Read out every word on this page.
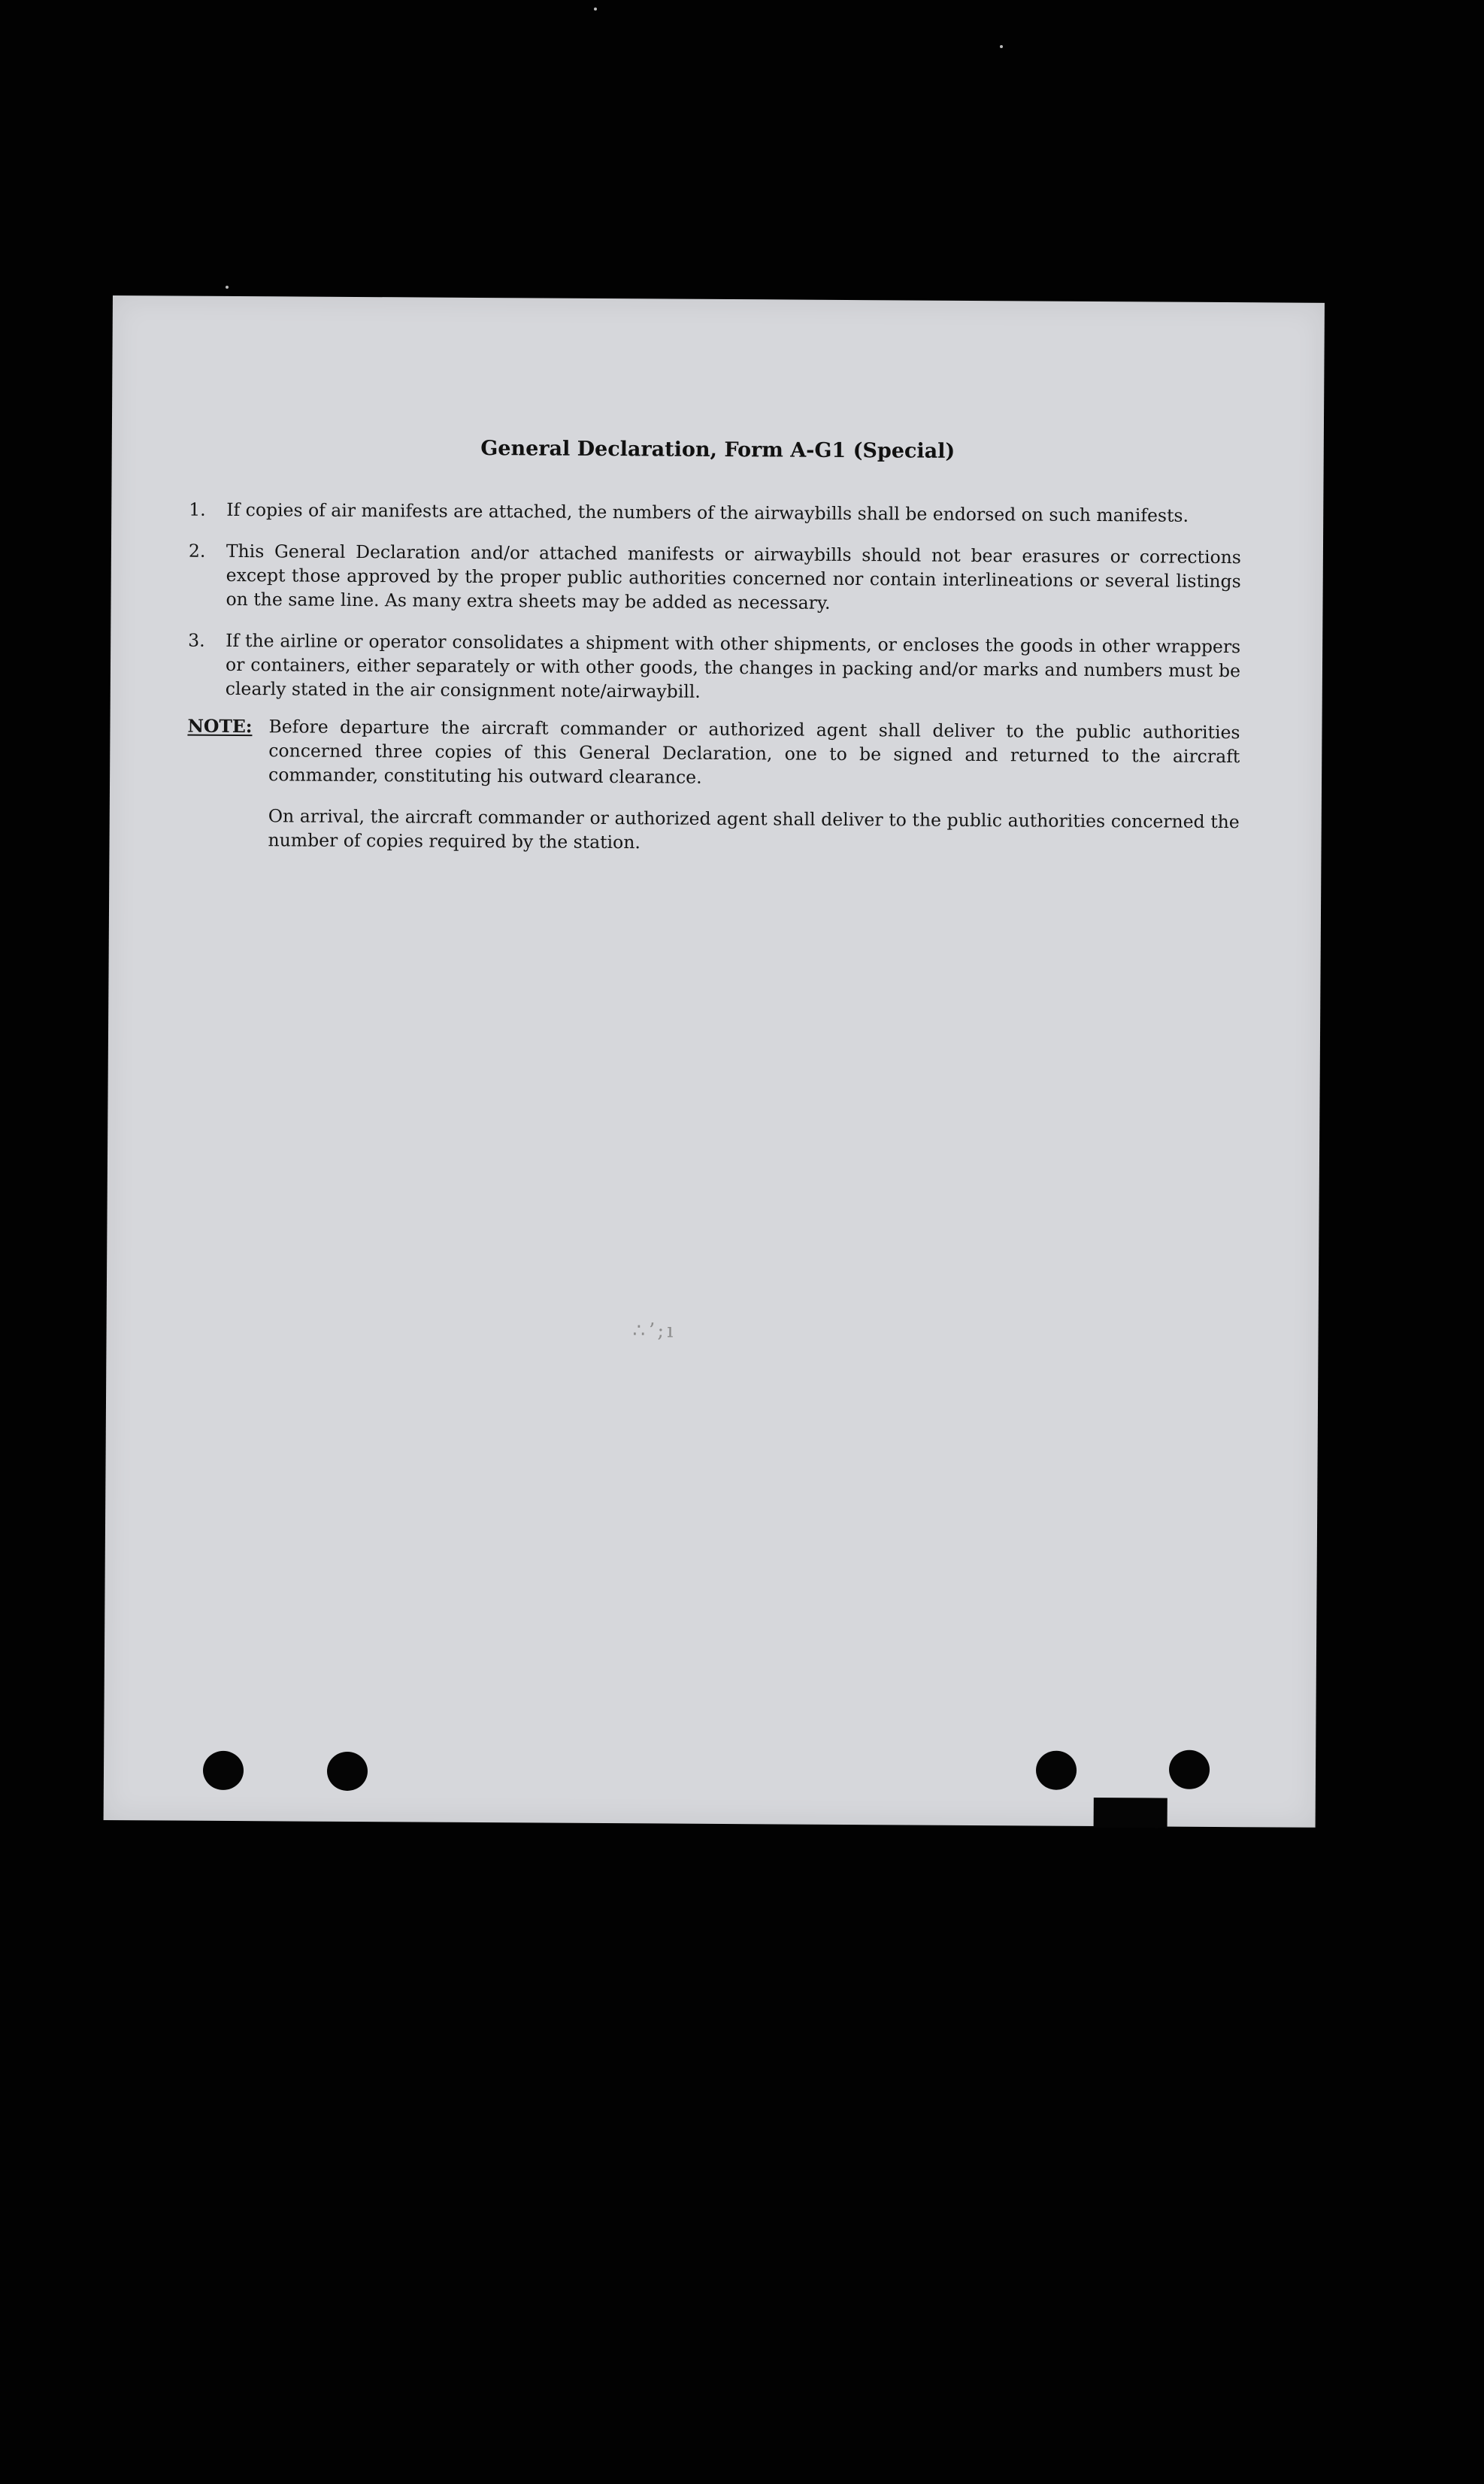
General Declaration, Form A-G1 (Special)
1.	If copies of air manifests are attached, the numbers of the airwaybills shall be endorsed on such manifests.
2.	This General Declaration and/or attached manifests or airwaybills should not bear erasures or corrections except those approved by the proper public authorities concerned nor contain interlineations or several listings on the same line. As many extra sheets may be added as necessary.
3.	If the airline or operator consolidates a shipment with other shipments, or encloses the goods in other wrappers or containers, either separately or with other goods, the changes in packing and/or marks and numbers must be clearly stated in the air consignment note/airwaybill.
NOTE: Before departure the aircraft commander or authorized agent shall deliver to the public authorities concerned three copies of this General Declaration, one to be signed and returned to the aircraft commander, constituting his outward clearance.

On arrival, the aircraft commander or authorized agent shall deliver to the public authorities concerned the number of copies required by the station.

∴ʼ;ı
